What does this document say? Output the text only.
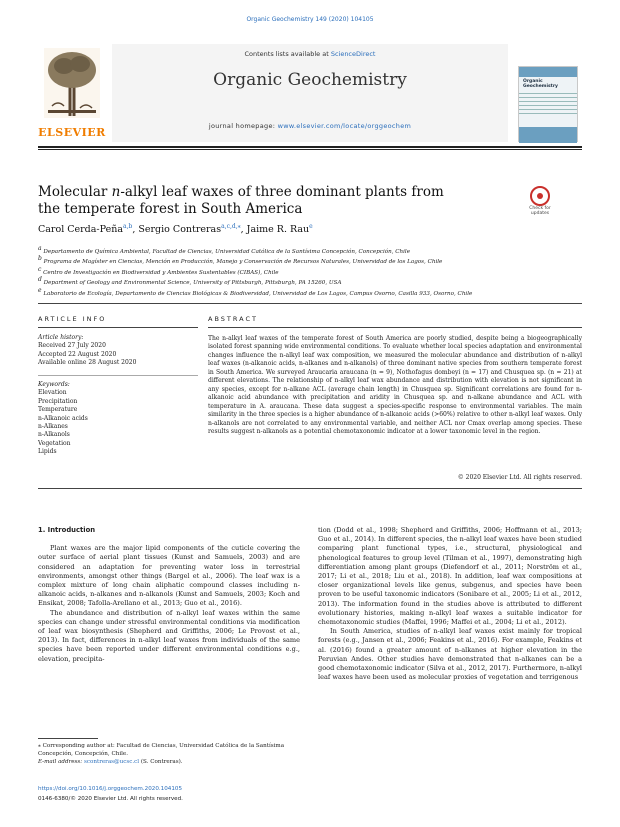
Organic Geochemistry 149 (2020) 104105
ELSEVIER
Contents lists available at ScienceDirect
Organic Geochemistry
journal homepage: www.elsevier.com/locate/orggeochem
Organic Geochemistry
Molecular n-alkyl leaf waxes of three dominant plants from the temperate forest in South America	Check for updates
Carol Cerda-Peña$^{a,b}$, Sergio Contreras$^{a,c,d,⁎}$, Jaime R. Rau$^e$
$^a$ Departamento de Química Ambiental, Facultad de Ciencias, Universidad Católica de la Santísima Concepción, Concepción, Chile
$^b$ Programa de Magíster en Ciencias, Mención en Producción, Manejo y Conservación de Recursos Naturales, Universidad de los Lagos, Chile
$^c$ Centro de Investigación en Biodiversidad y Ambientes Sustentables (CIBAS), Chile
$^d$ Department of Geology and Environmental Science, University of Pittsburgh, Pittsburgh, PA 15260, USA
$^e$ Laboratorio de Ecología, Departamento de Ciencias Biológicas & Biodiversidad, Universidad de Los Lagos, Campus Osorno, Casilla 933, Osorno, Chile
ARTICLE INFO	ABSTRACT
Article history:
Received 27 July 2020
Accepted 22 August 2020
Available online 28 August 2020
Keywords:
Elevation
Precipitation
Temperature
n-Alkanoic acids
n-Alkanes
n-Alkanols
Vegetation
Lipids
The n-alkyl leaf waxes of the temperate forest of South America are poorly studied, despite being a biogeographically isolated forest spanning wide environmental conditions. To evaluate whether local species adaptation and environmental changes influence the n-alkyl leaf wax composition, we measured the molecular abundance and distribution of n-alkyl leaf waxes (n-alkanoic acids, n-alkanes and n-alkanols) of three dominant native species from southern temperate forest in South America. We surveyed Araucaria araucana (n = 9), Nothofagus dombeyi (n = 17) and Chusquea sp. (n = 21) at different elevations. The relationship of n-alkyl leaf wax abundance and distribution with elevation is not significant in any species, except for n-alkane ACL (average chain length) in Chusquea sp. Significant correlations are found for n-alkanoic acid abundance with precipitation and aridity in Chusquea sp. and n-alkane abundance and ACL with temperature in A. araucana. These data suggest a species-specific response to environmental variables. The main similarity in the three species is a higher abundance of n-alkanoic acids (>60%) relative to other n-alkyl leaf waxes. Only n-alkanols are not correlated to any environmental variable, and neither ACL nor Cmax overlap among species. These results suggest n-alkanols as a potential chemotaxonomic indicator at a lower taxonomic level in the region.
© 2020 Elsevier Ltd. All rights reserved.
1. Introduction

Plant waxes are the major lipid components of the cuticle covering the outer surface of aerial plant tissues (Kunst and Samuels, 2003) and are considered an adaptation for preventing water loss in terrestrial environments, amongst other things (Bargel et al., 2006). The leaf wax is a complex mixture of long chain aliphatic compound classes including n-alkanoic acids, n-alkanes and n-alkanols (Kunst and Samuels, 2003; Koch and Ensikat, 2008; Tafolla-Arellano et al., 2013; Guo et al., 2016).

The abundance and distribution of n-alkyl leaf waxes within the same species can change under stressful environmental conditions via modification of leaf wax biosynthesis (Shepherd and Griffiths, 2006; Le Provost et al., 2013). In fact, differences in n-alkyl leaf waxes from individuals of the same species have been reported under different environmental conditions e.g., elevation, precipita-

tion (Dodd et al., 1998; Shepherd and Griffiths, 2006; Hoffmann et al., 2013; Guo et al., 2014). In different species, the n-alkyl leaf waxes have been studied comparing plant functional types, i.e., structural, physiological and phenological features to group level (Tilman et al., 1997), demonstrating high differentiation among plant groups (Diefendorf et al., 2011; Norström et al., 2017; Li et al., 2018; Liu et al., 2018). In addition, leaf wax compositions at closer organizational levels like genus, subgenus, and species have been proven to be useful taxonomic indicators (Sonibare et al., 2005; Li et al., 2012, 2013). The information found in the studies above is attributed to different evolutionary histories, making n-alkyl leaf waxes a suitable indicator for chemotaxonomic studies (Maffei, 1996; Maffei et al., 2004; Li et al., 2012).

In South America, studies of n-alkyl leaf waxes exist mainly for tropical forests (e.g., Jansen et al., 2006; Feakins et al., 2016). For example, Feakins et al. (2016) found a greater amount of n-alkanes at higher elevation in the Peruvian Andes. Other studies have demonstrated that n-alkanes can be a good chemotaxonomic indicator (Silva et al., 2012, 2017). Furthermore, n-alkyl leaf waxes have been used as molecular proxies of vegetation and terrigenous

⁎ Corresponding author at: Facultad de Ciencias, Universidad Católica de la Santísima Concepción, Concepción, Chile.
E-mail address: scontreras@ucsc.cl (S. Contreras).
https://doi.org/10.1016/j.orggeochem.2020.104105
0146-6380/© 2020 Elsevier Ltd. All rights reserved.
